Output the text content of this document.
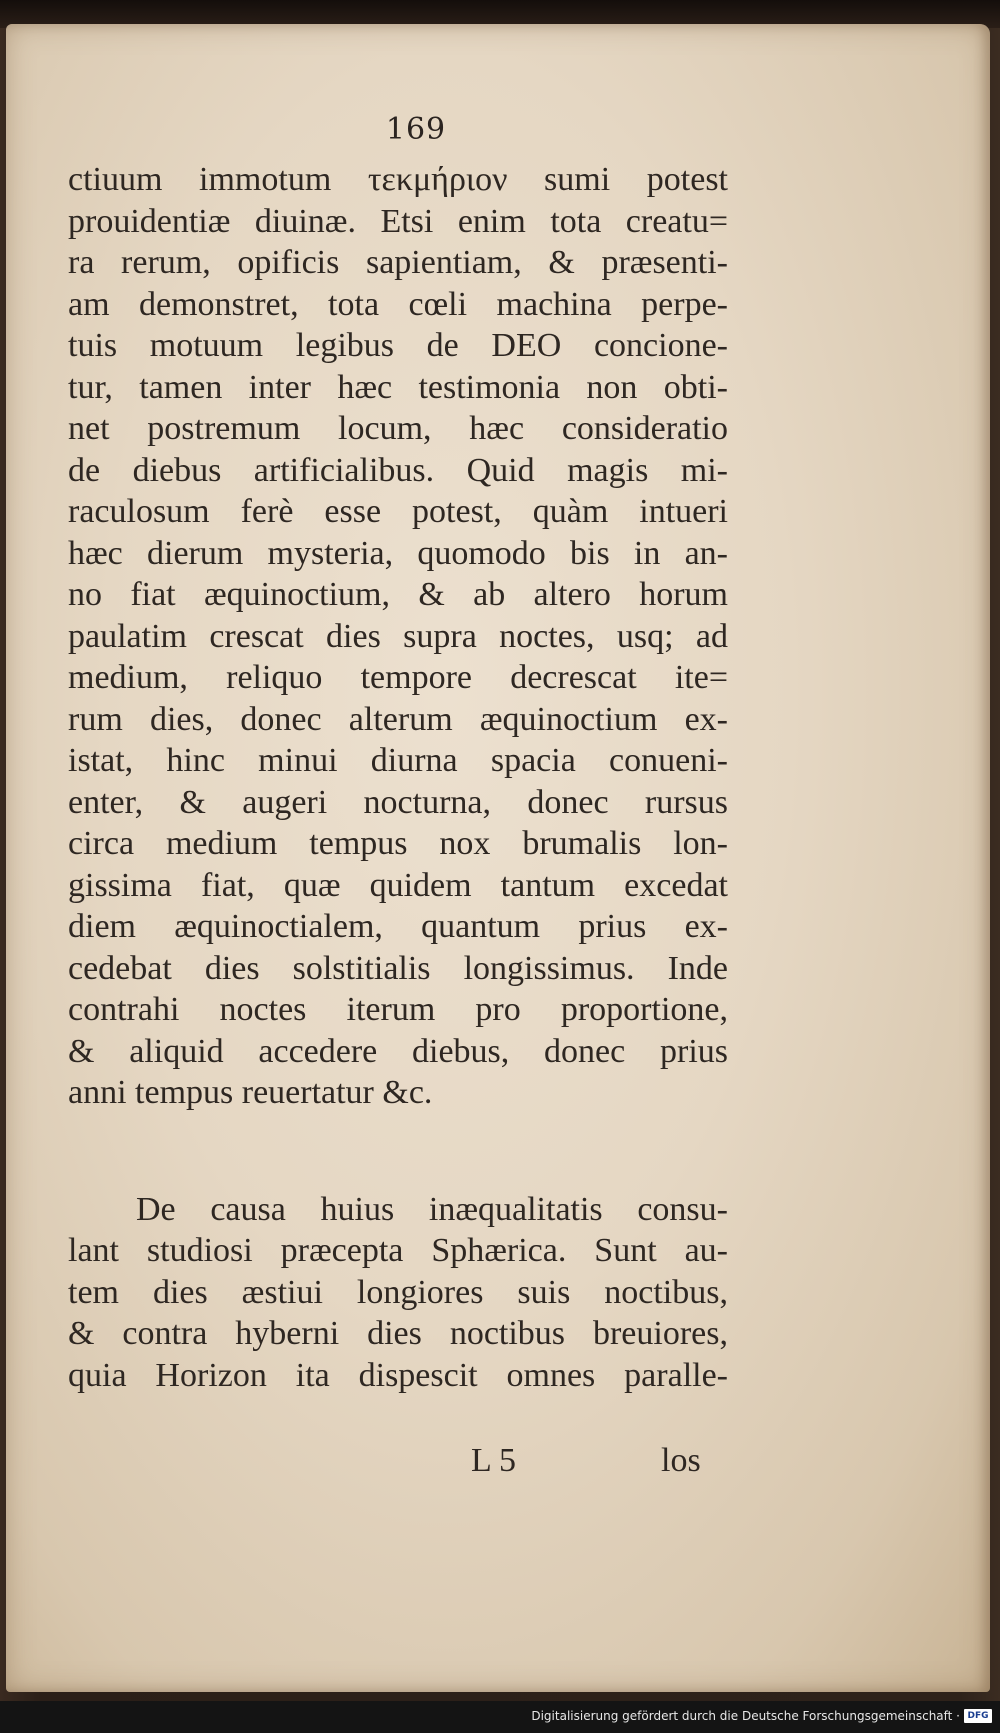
169
ctiuum immotum τεκμήριον sumi potest
prouidentiæ diuinæ. Etsi enim tota creatu=
ra rerum, opificis sapientiam, & præsenti-
am demonstret, tota cœli machina perpe-
tuis motuum legibus de DEO concione-
tur, tamen inter hæc testimonia non obti-
net postremum locum, hæc consideratio
de diebus artificialibus. Quid magis mi-
raculosum ferè esse potest, quàm intueri
hæc dierum mysteria, quomodo bis in an-
no fiat æquinoctium, & ab altero horum
paulatim crescat dies supra noctes, usq; ad
medium, reliquo tempore decrescat ite=
rum dies, donec alterum æquinoctium ex-
istat, hinc minui diurna spacia conueni-
enter, & augeri nocturna, donec rursus
circa medium tempus nox brumalis lon-
gissima fiat, quæ quidem tantum excedat
diem æquinoctialem, quantum prius ex-
cedebat dies solstitialis longissimus. Inde
contrahi noctes iterum pro proportione,
& aliquid accedere diebus, donec prius
anni tempus reuertatur &c.
De causa huius inæqualitatis consu-
lant studiosi præcepta Sphærica. Sunt au-
tem dies æstiui longiores suis noctibus,
& contra hyberni dies noctibus breuiores,
quia Horizon ita dispescit omnes paralle-
L 5	los
Digitalisierung gefördert durch die Deutsche Forschungsgemeinschaft · DFG
